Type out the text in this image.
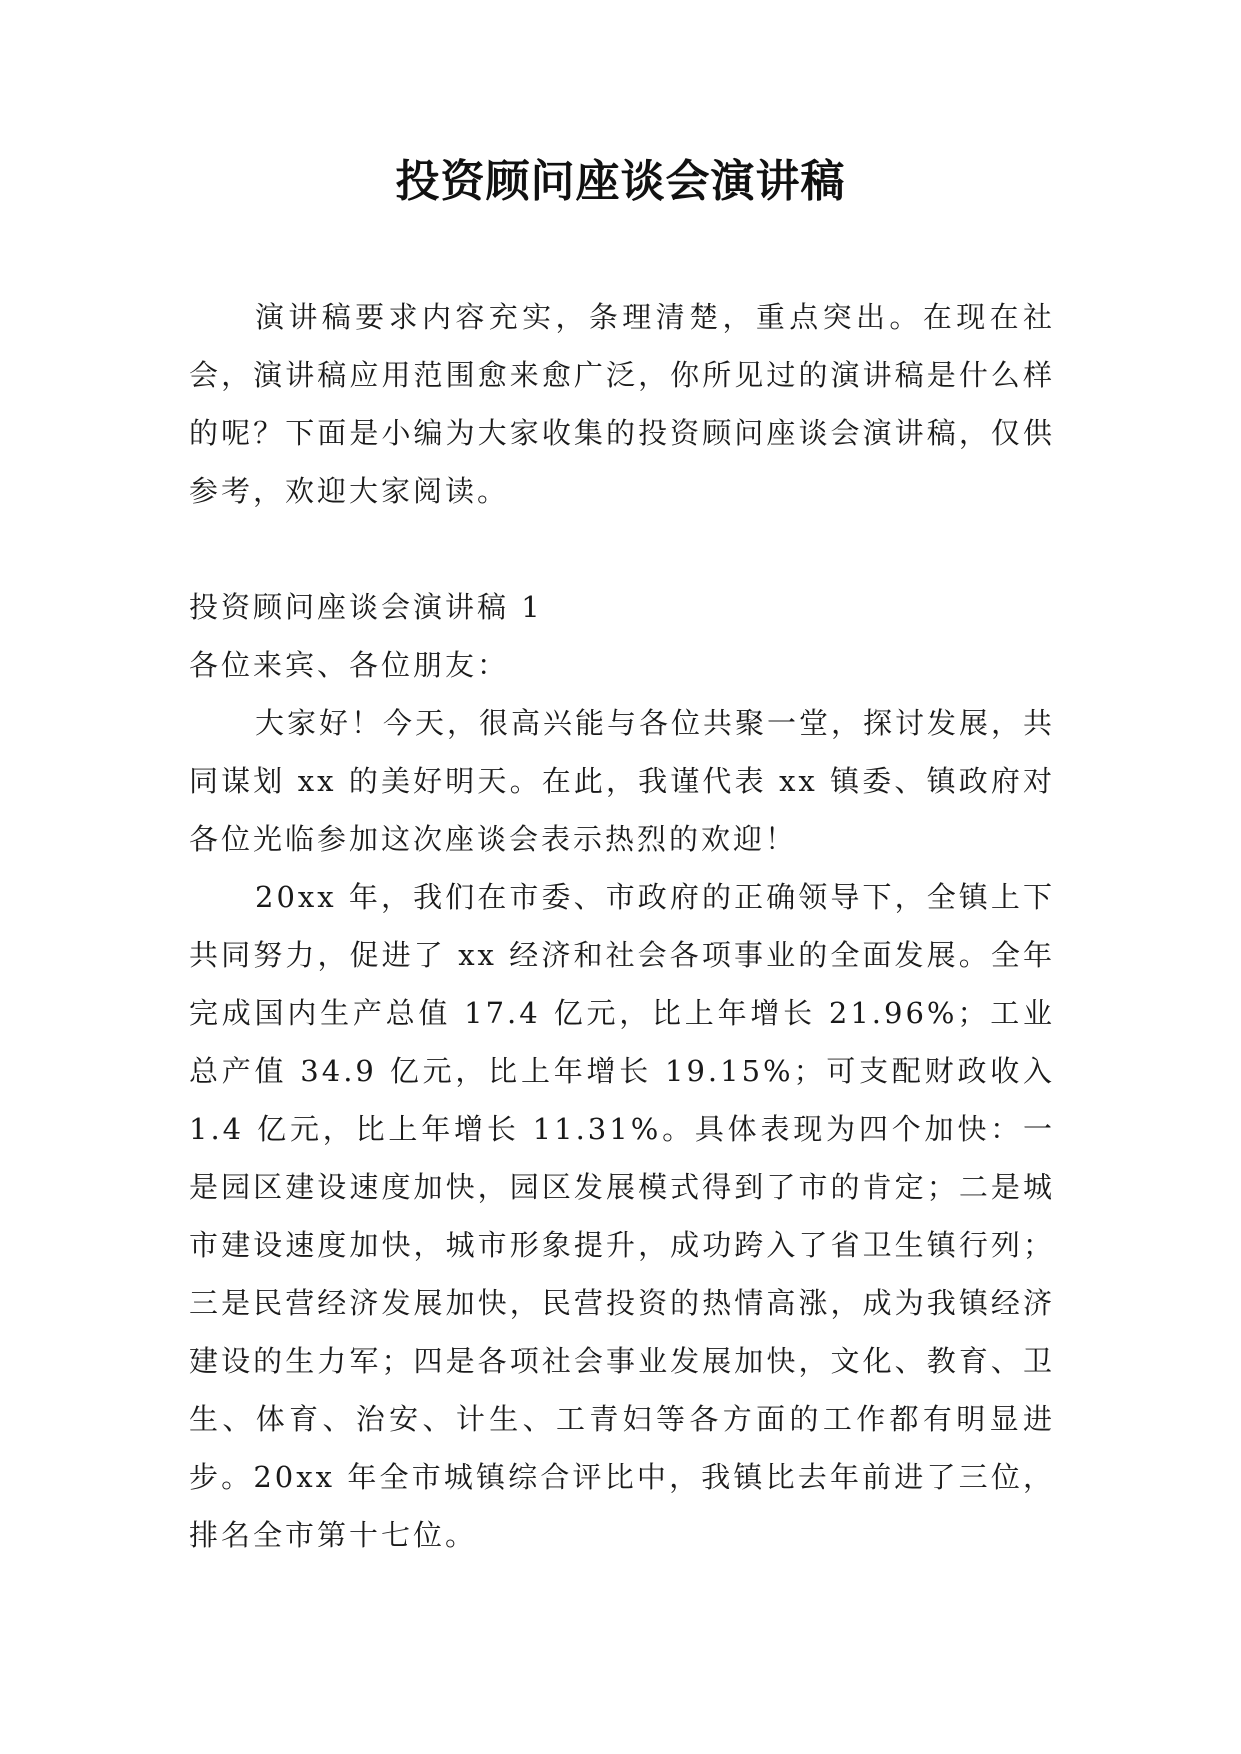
投资顾问座谈会演讲稿

演讲稿要求内容充实，条理清楚，重点突出。在现在社会，演讲稿应用范围愈来愈广泛，你所见过的演讲稿是什么样的呢？下面是小编为大家收集的投资顾问座谈会演讲稿，仅供参考，欢迎大家阅读。

投资顾问座谈会演讲稿 1

各位来宾、各位朋友：

大家好！今天，很高兴能与各位共聚一堂，探讨发展，共同谋划 xx 的美好明天。在此，我谨代表 xx 镇委、镇政府对各位光临参加这次座谈会表示热烈的欢迎！

20xx 年，我们在市委、市政府的正确领导下，全镇上下共同努力，促进了 xx 经济和社会各项事业的全面发展。全年完成国内生产总值 17.4 亿元，比上年增长 21.96%；工业总产值 34.9 亿元，比上年增长 19.15%；可支配财政收入 1.4 亿元，比上年增长 11.31%。具体表现为四个加快：一是园区建设速度加快，园区发展模式得到了市的肯定；二是城市建设速度加快，城市形象提升，成功跨入了省卫生镇行列；三是民营经济发展加快，民营投资的热情高涨，成为我镇经济建设的生力军；四是各项社会事业发展加快，文化、教育、卫生、体育、治安、计生、工青妇等各方面的工作都有明显进步。20xx 年全市城镇综合评比中，我镇比去年前进了三位，排名全市第十七位。
